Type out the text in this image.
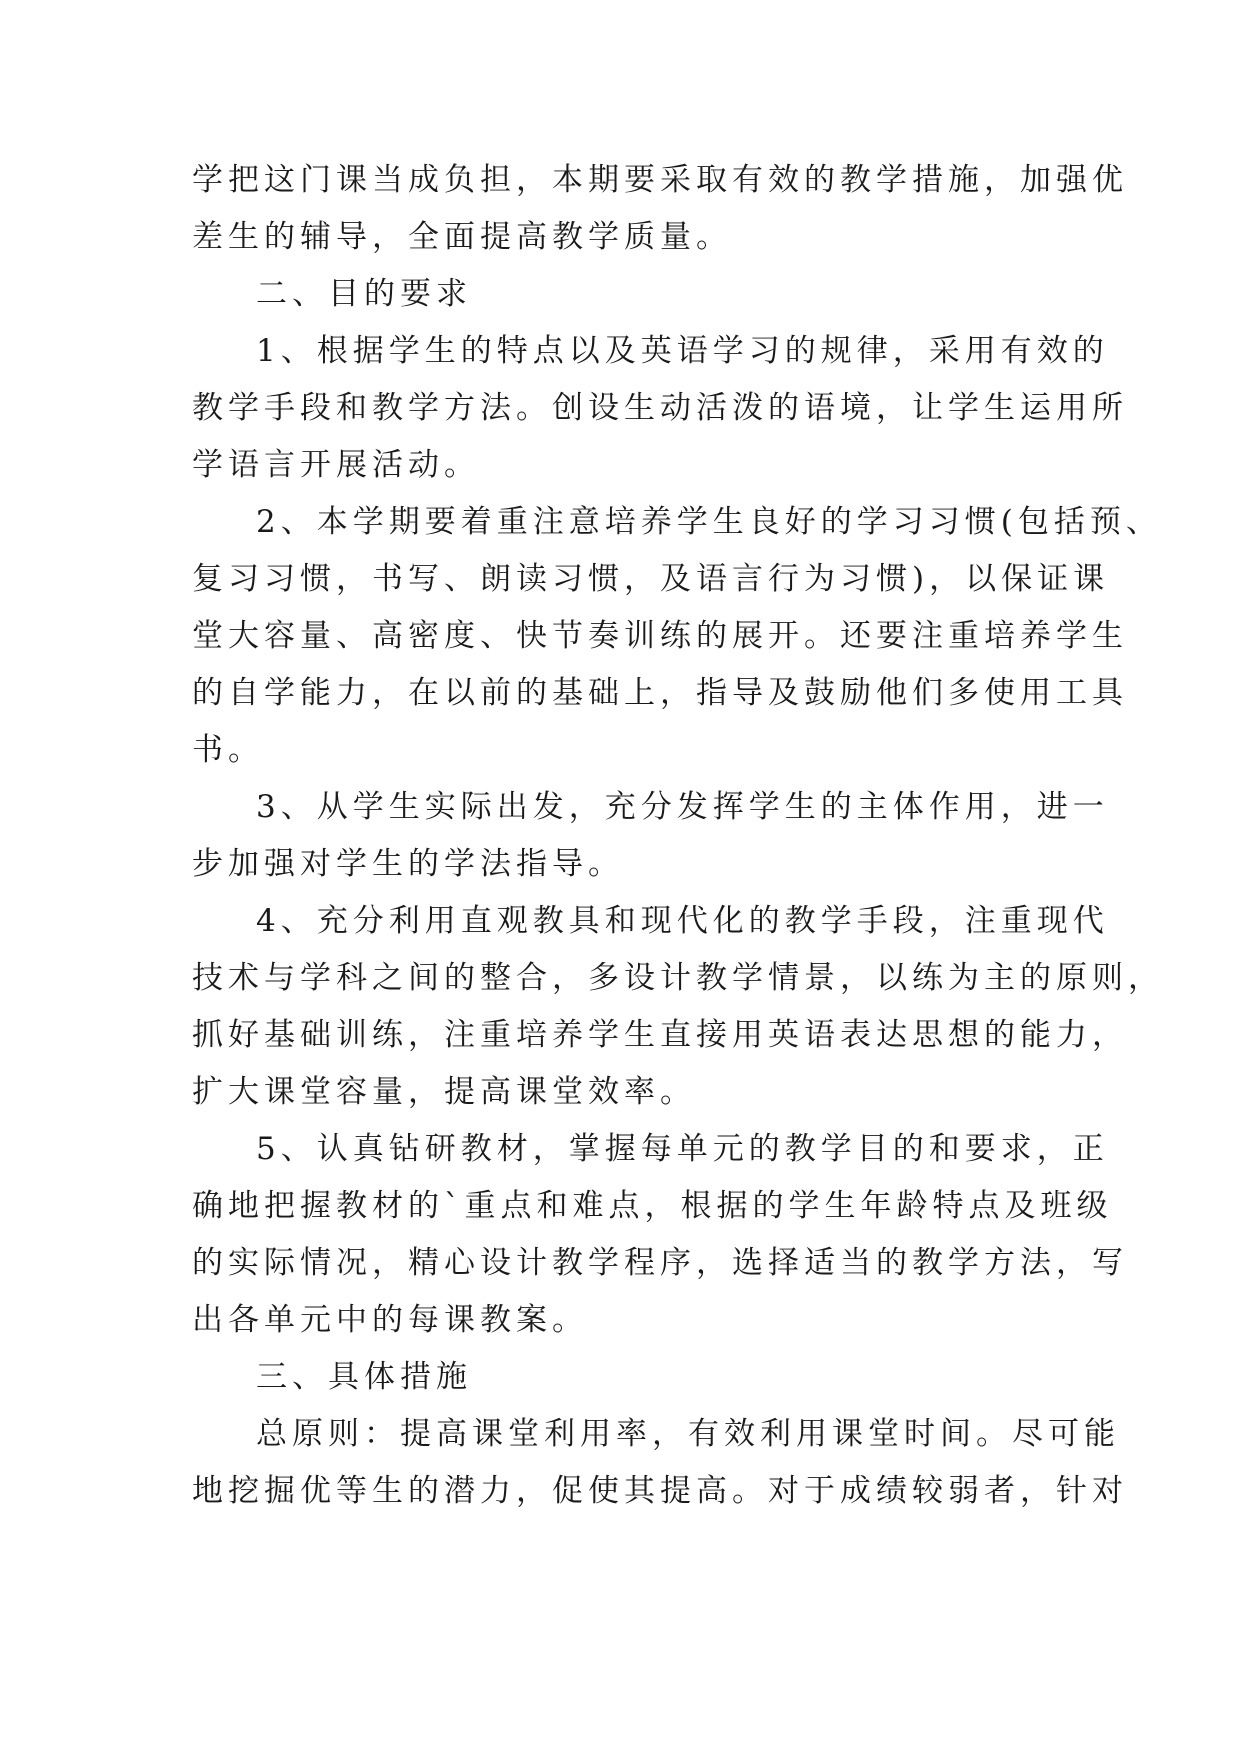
学把这门课当成负担，本期要采取有效的教学措施，加强优
差生的辅导，全面提高教学质量。
二、目的要求
1、根据学生的特点以及英语学习的规律，采用有效的
教学手段和教学方法。创设生动活泼的语境，让学生运用所
学语言开展活动。
2、本学期要着重注意培养学生良好的学习习惯(包括预、
复习习惯，书写、朗读习惯，及语言行为习惯)，以保证课
堂大容量、高密度、快节奏训练的展开。还要注重培养学生
的自学能力，在以前的基础上，指导及鼓励他们多使用工具
书。
3、从学生实际出发，充分发挥学生的主体作用，进一
步加强对学生的学法指导。
4、充分利用直观教具和现代化的教学手段，注重现代
技术与学科之间的整合，多设计教学情景，以练为主的原则，
抓好基础训练，注重培养学生直接用英语表达思想的能力，
扩大课堂容量，提高课堂效率。
5、认真钻研教材，掌握每单元的教学目的和要求，正
确地把握教材的`重点和难点，根据的学生年龄特点及班级
的实际情况，精心设计教学程序，选择适当的教学方法，写
出各单元中的每课教案。
三、具体措施
总原则：提高课堂利用率，有效利用课堂时间。尽可能
地挖掘优等生的潜力，促使其提高。对于成绩较弱者，针对
